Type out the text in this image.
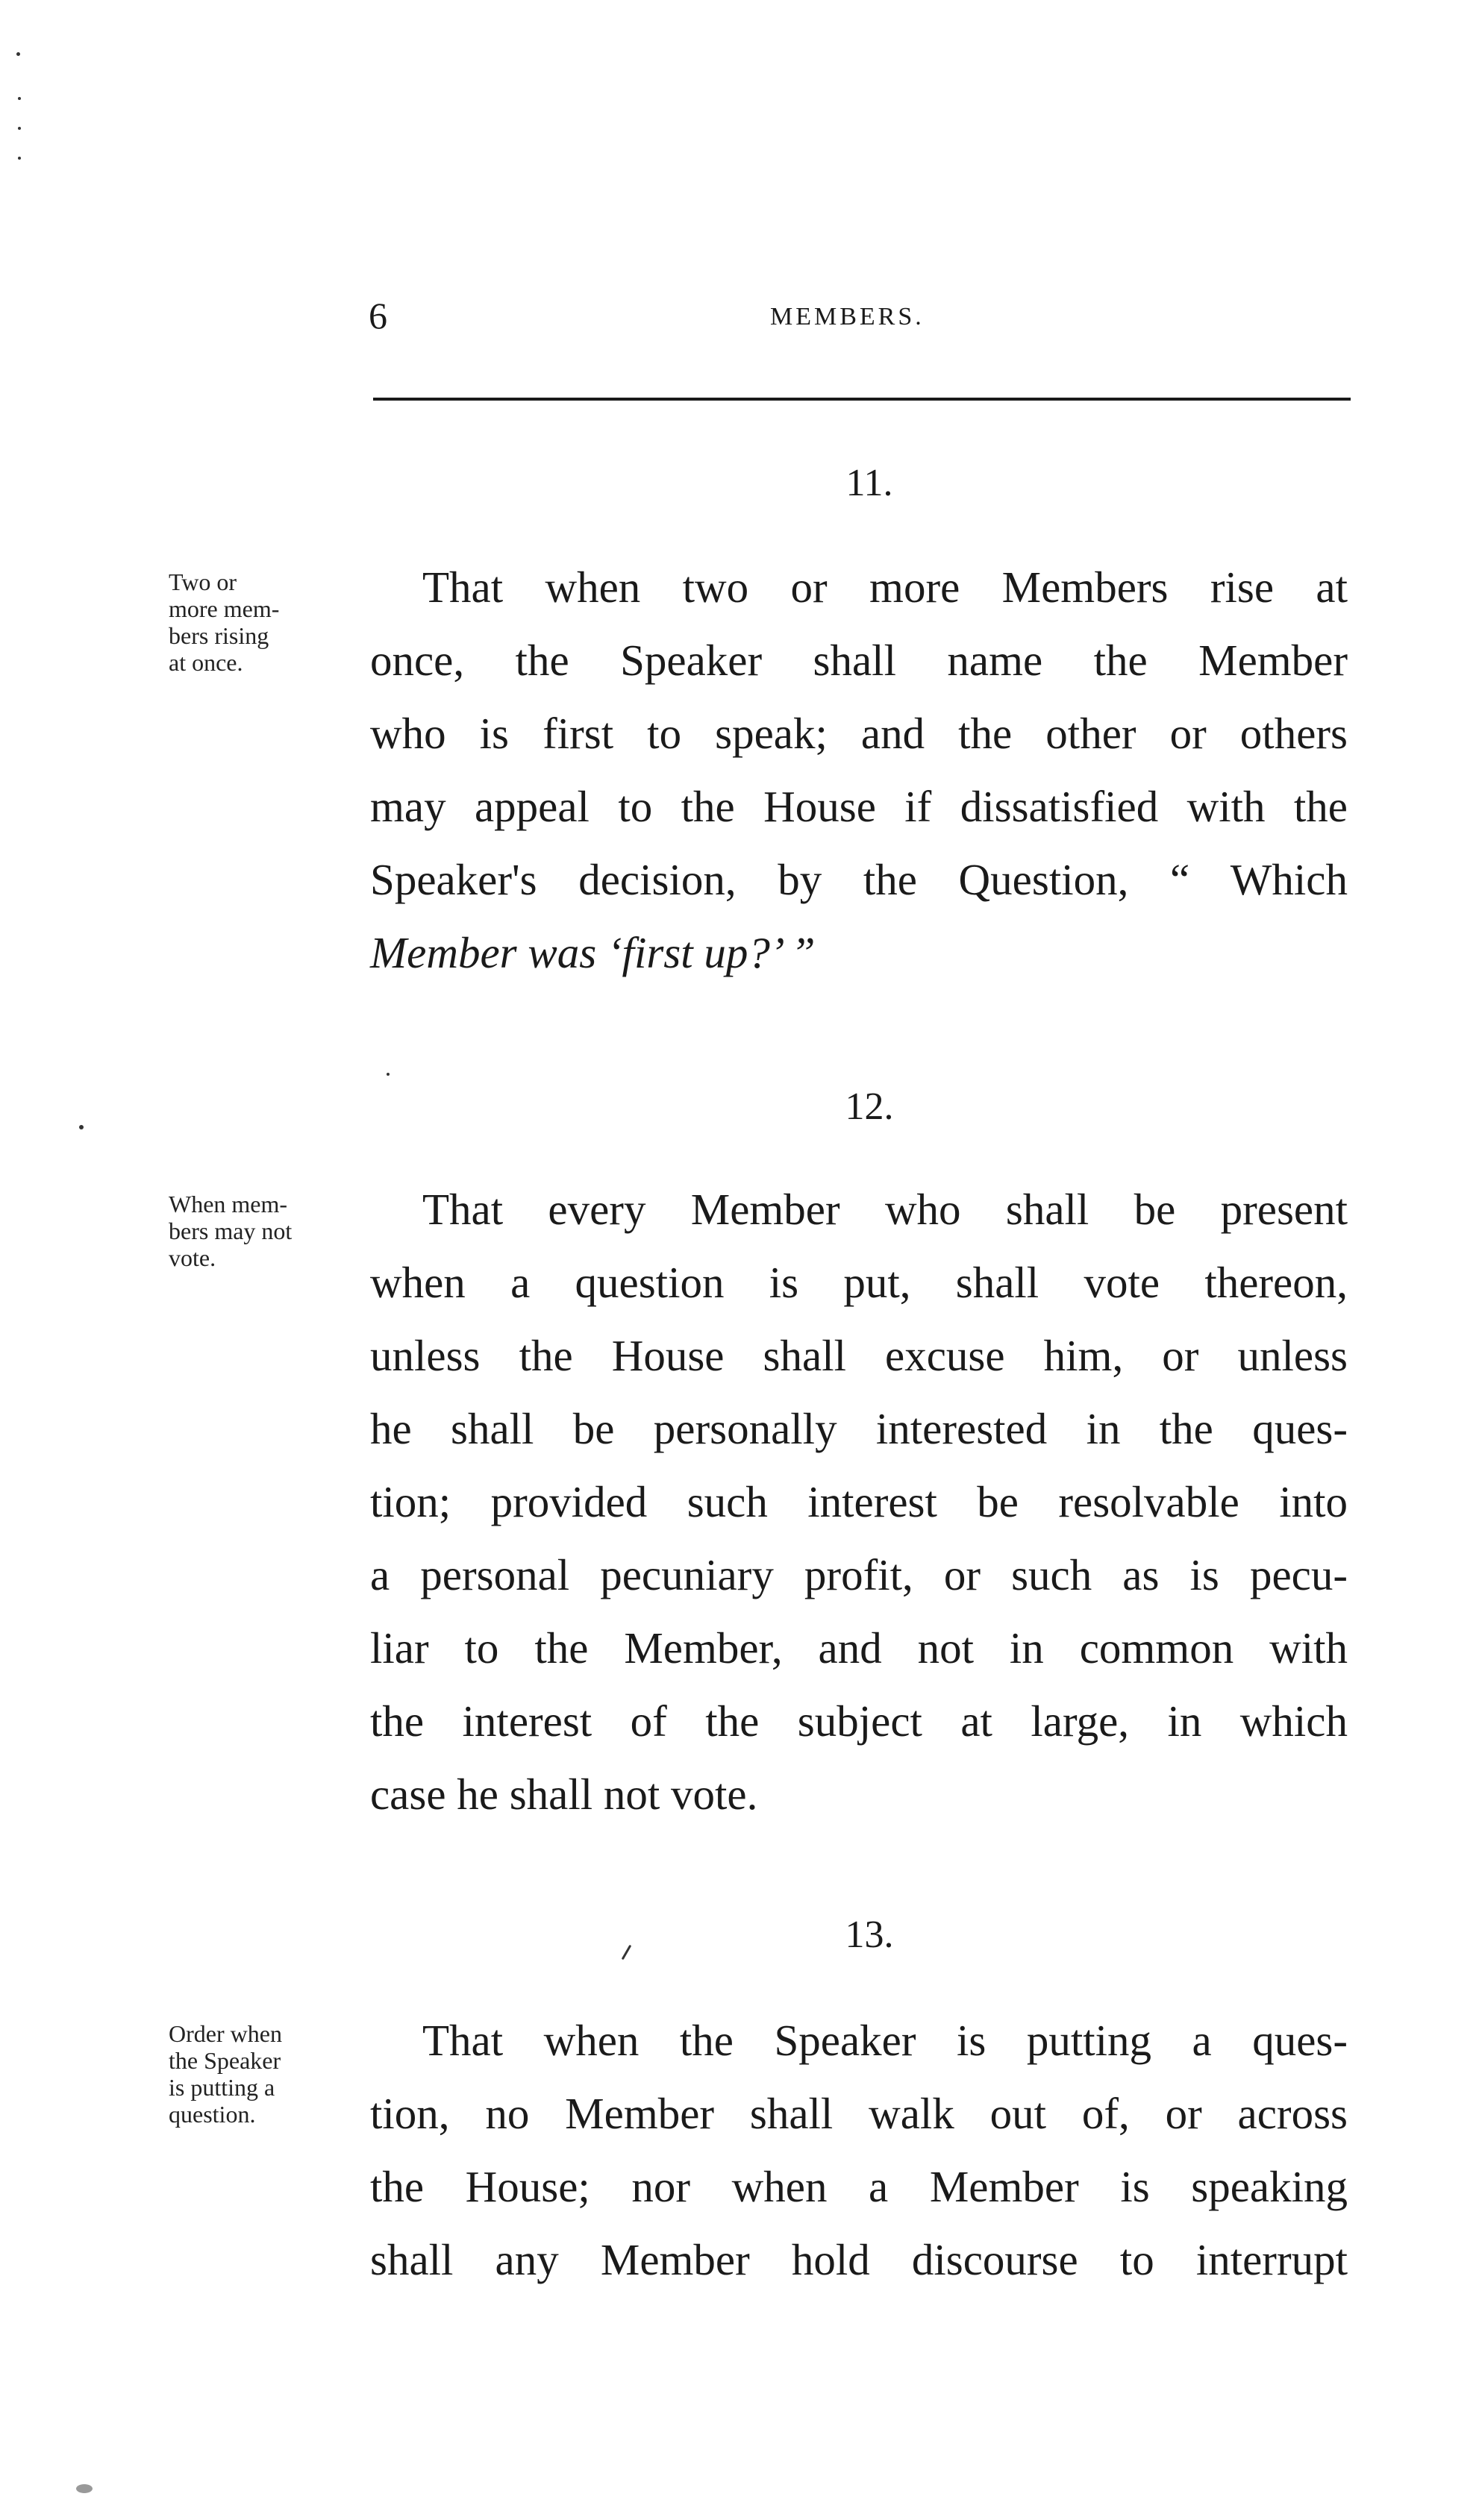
6	MEMBERS.
11.
Two or
more mem-
bers rising
at once.
That when two or more Members rise at
once, the Speaker shall name the Member
who is first to speak; and the other or others
may appeal to the House if dissatisfied with the
Speaker's decision, by the Question, “ Which
Member was ‘first up?’ ”
12.
When mem-
bers may not
vote.
That every Member who shall be present
when a question is put, shall vote thereon,
unless the House shall excuse him, or unless
he shall be personally interested in the ques-
tion; provided such interest be resolvable into
a personal pecuniary profit, or such as is pecu-
liar to the Member, and not in common with
the interest of the subject at large, in which
case he shall not vote.
13.
Order when
the Speaker
is putting a
question.
That when the Speaker is putting a ques-
tion, no Member shall walk out of, or across
the House; nor when a Member is speaking
shall any Member hold discourse to interrupt
